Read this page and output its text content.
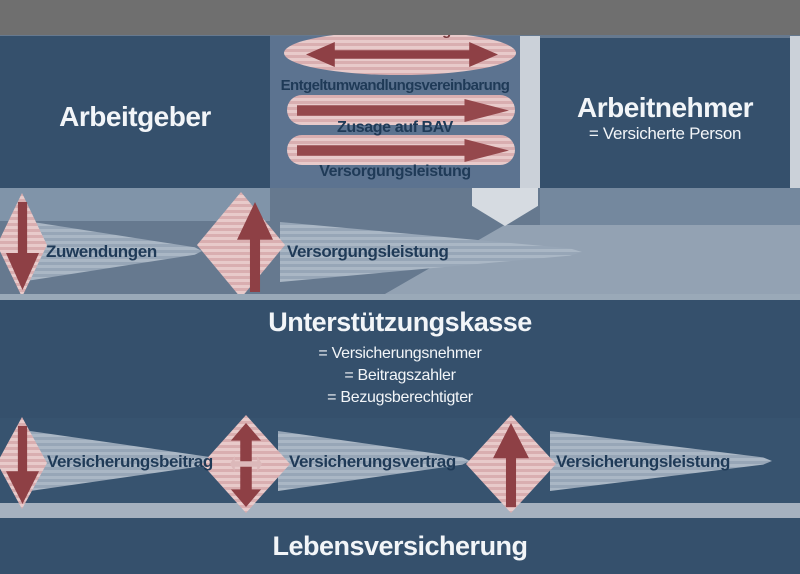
Arbeitgeber	Arbeitnehmer
= Versicherte Person
Entgeltumwandlungsvereinbarung
Zusage auf BAV
Versorgungsleistung
Zuwendungen	Versorgungsleistung
Unterstützungskasse
= Versicherungsnehmer
= Beitragszahler
= Bezugsberechtigter
Versicherungsbeitrag	Versicherungsvertrag	Versicherungsleistung
Lebensversicherung
